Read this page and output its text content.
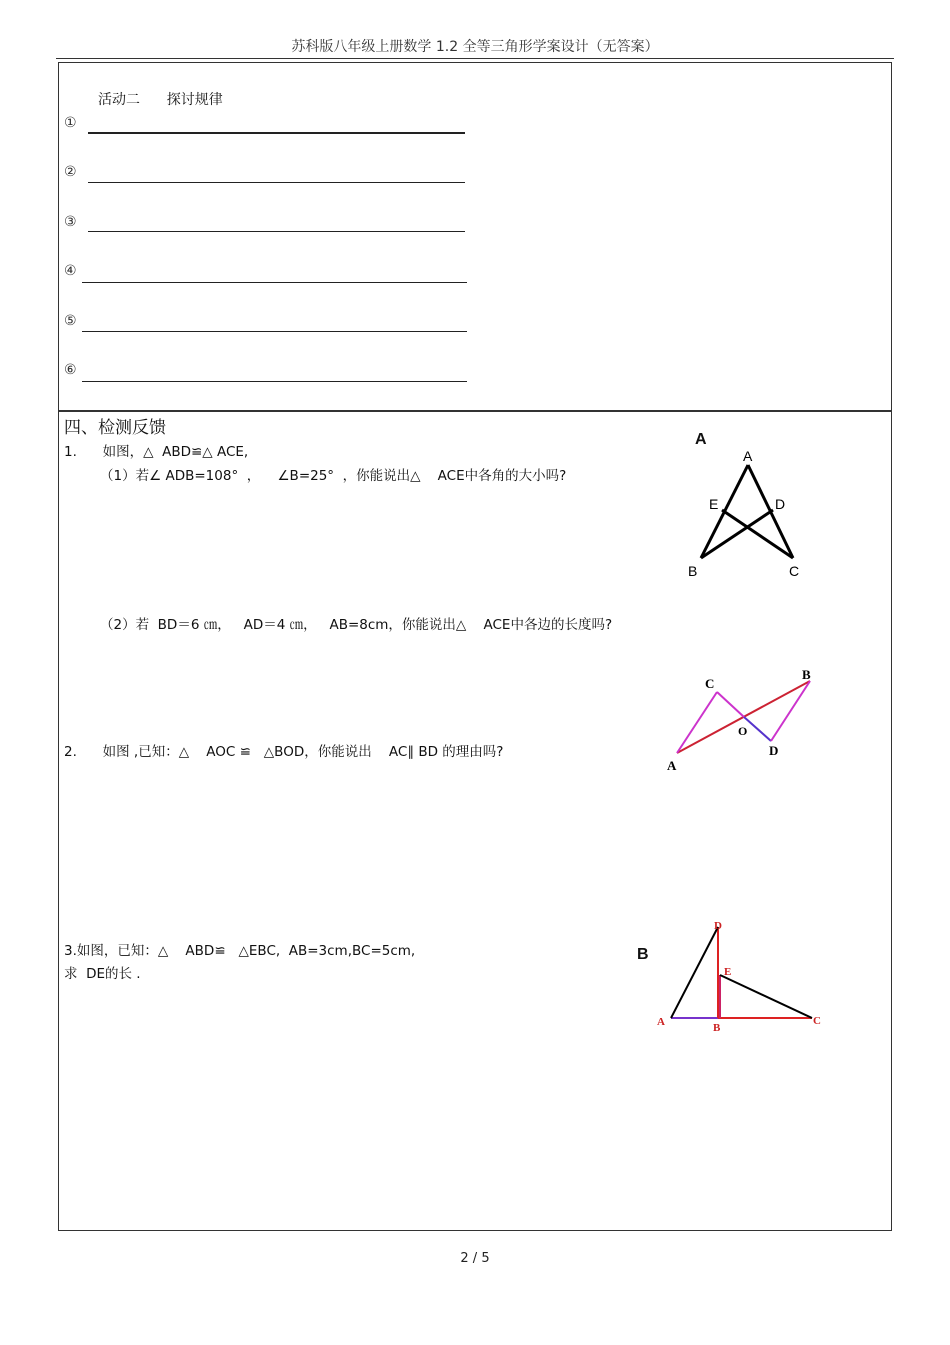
苏科版八年级上册数学 1.2 全等三角形学案设计（无答案）
活动二      探讨规律
①
②
③
④
⑤
⑥
四、检测反馈
1.      如图，△  ABD≌△ ACE,
（1）若∠ ADB=108°  ，    ∠B=25°  ，你能说出△    ACE中各角的大小吗?
（2）若  BD＝6 ㎝，   AD＝4 ㎝，   AB=8cm，你能说出△    ACE中各边的长度吗?
A
A
E	D
B	C
2.      如图 ,已知：△    AOC ≌   △BOD，你能说出    AC∥ BD 的理由吗?
C
B
O
D
A
3.如图，已知：△    ABD≌   △EBC,  AB=3cm,BC=5cm,
求  DE的长 .
B
D
E
A	B
C
2 / 5
